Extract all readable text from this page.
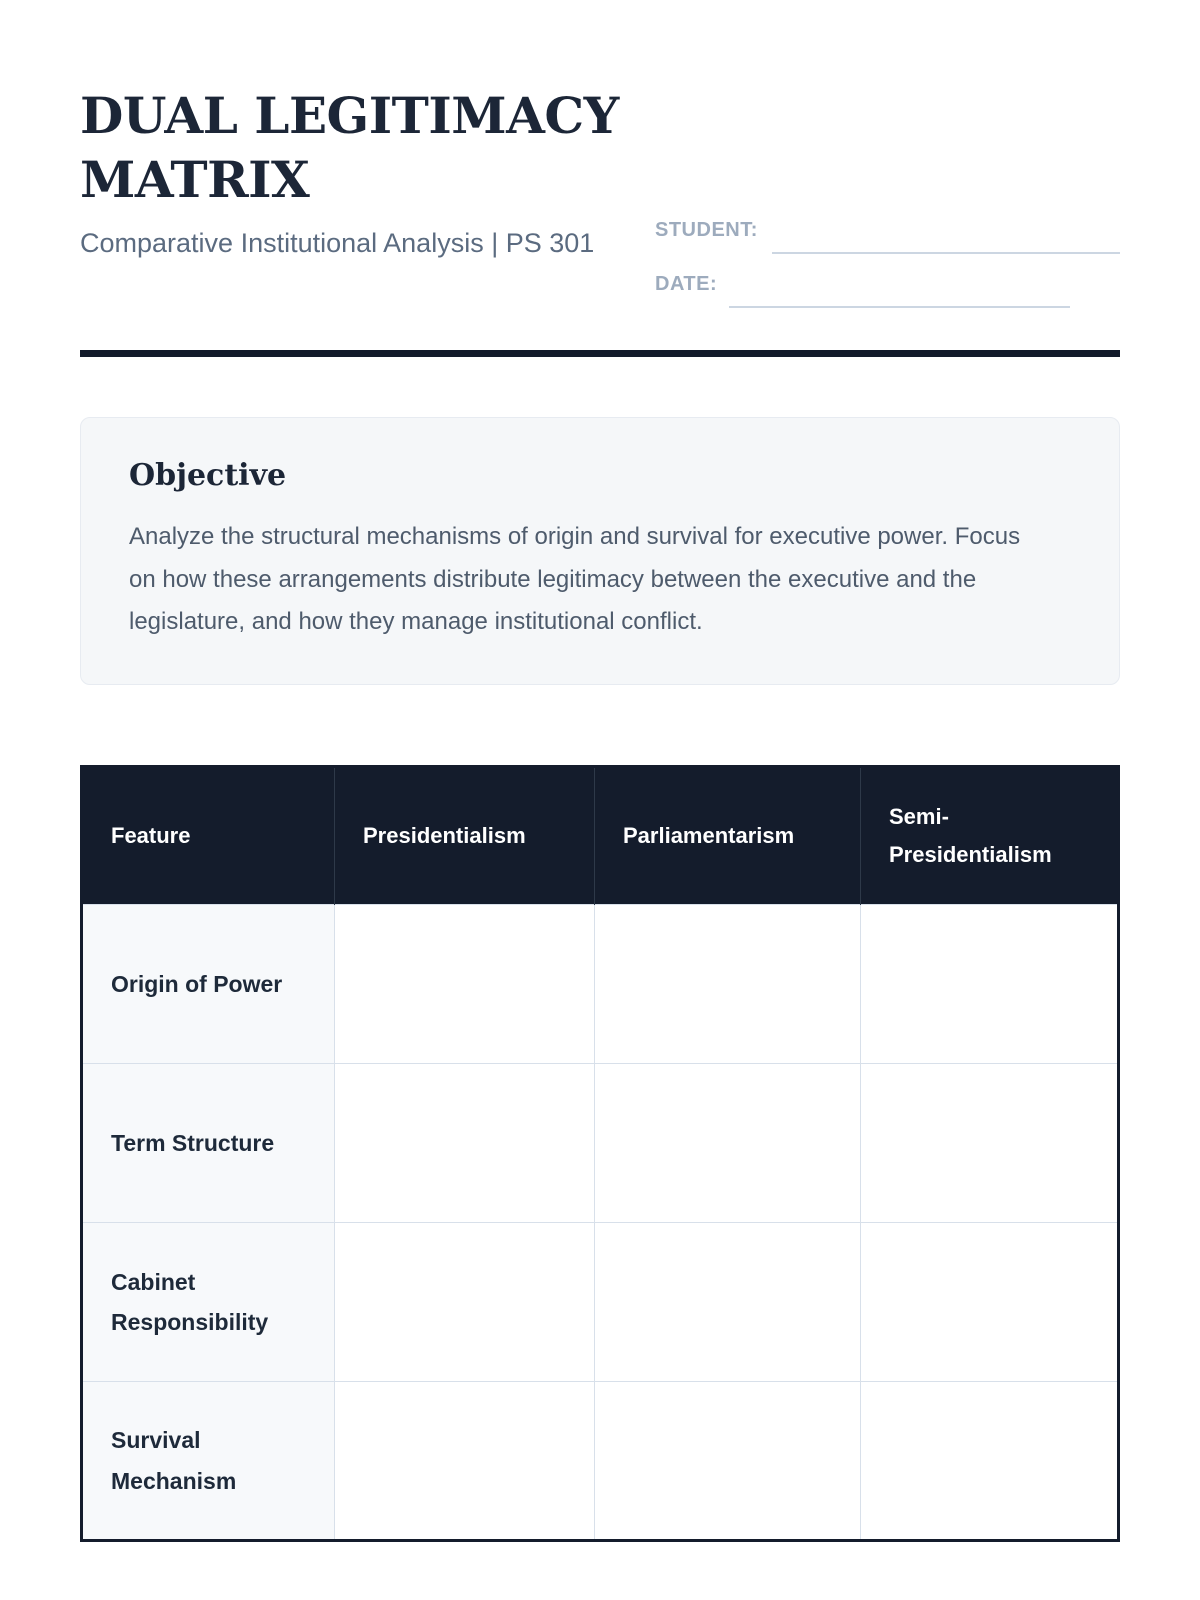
DUAL LEGITIMACY MATRIX

Comparative Institutional Analysis | PS 301	STUDENT:
DATE:
Objective

Analyze the structural mechanisms of origin and survival for executive power. Focus on how these arrangements distribute legitimacy between the executive and the legislature, and how they manage institutional conflict.

Feature	Presidentialism	Parliamentarism	Semi-Presidentialism
Origin of Power			
Term Structure			
Cabinet Responsibility			
Survival Mechanism			
